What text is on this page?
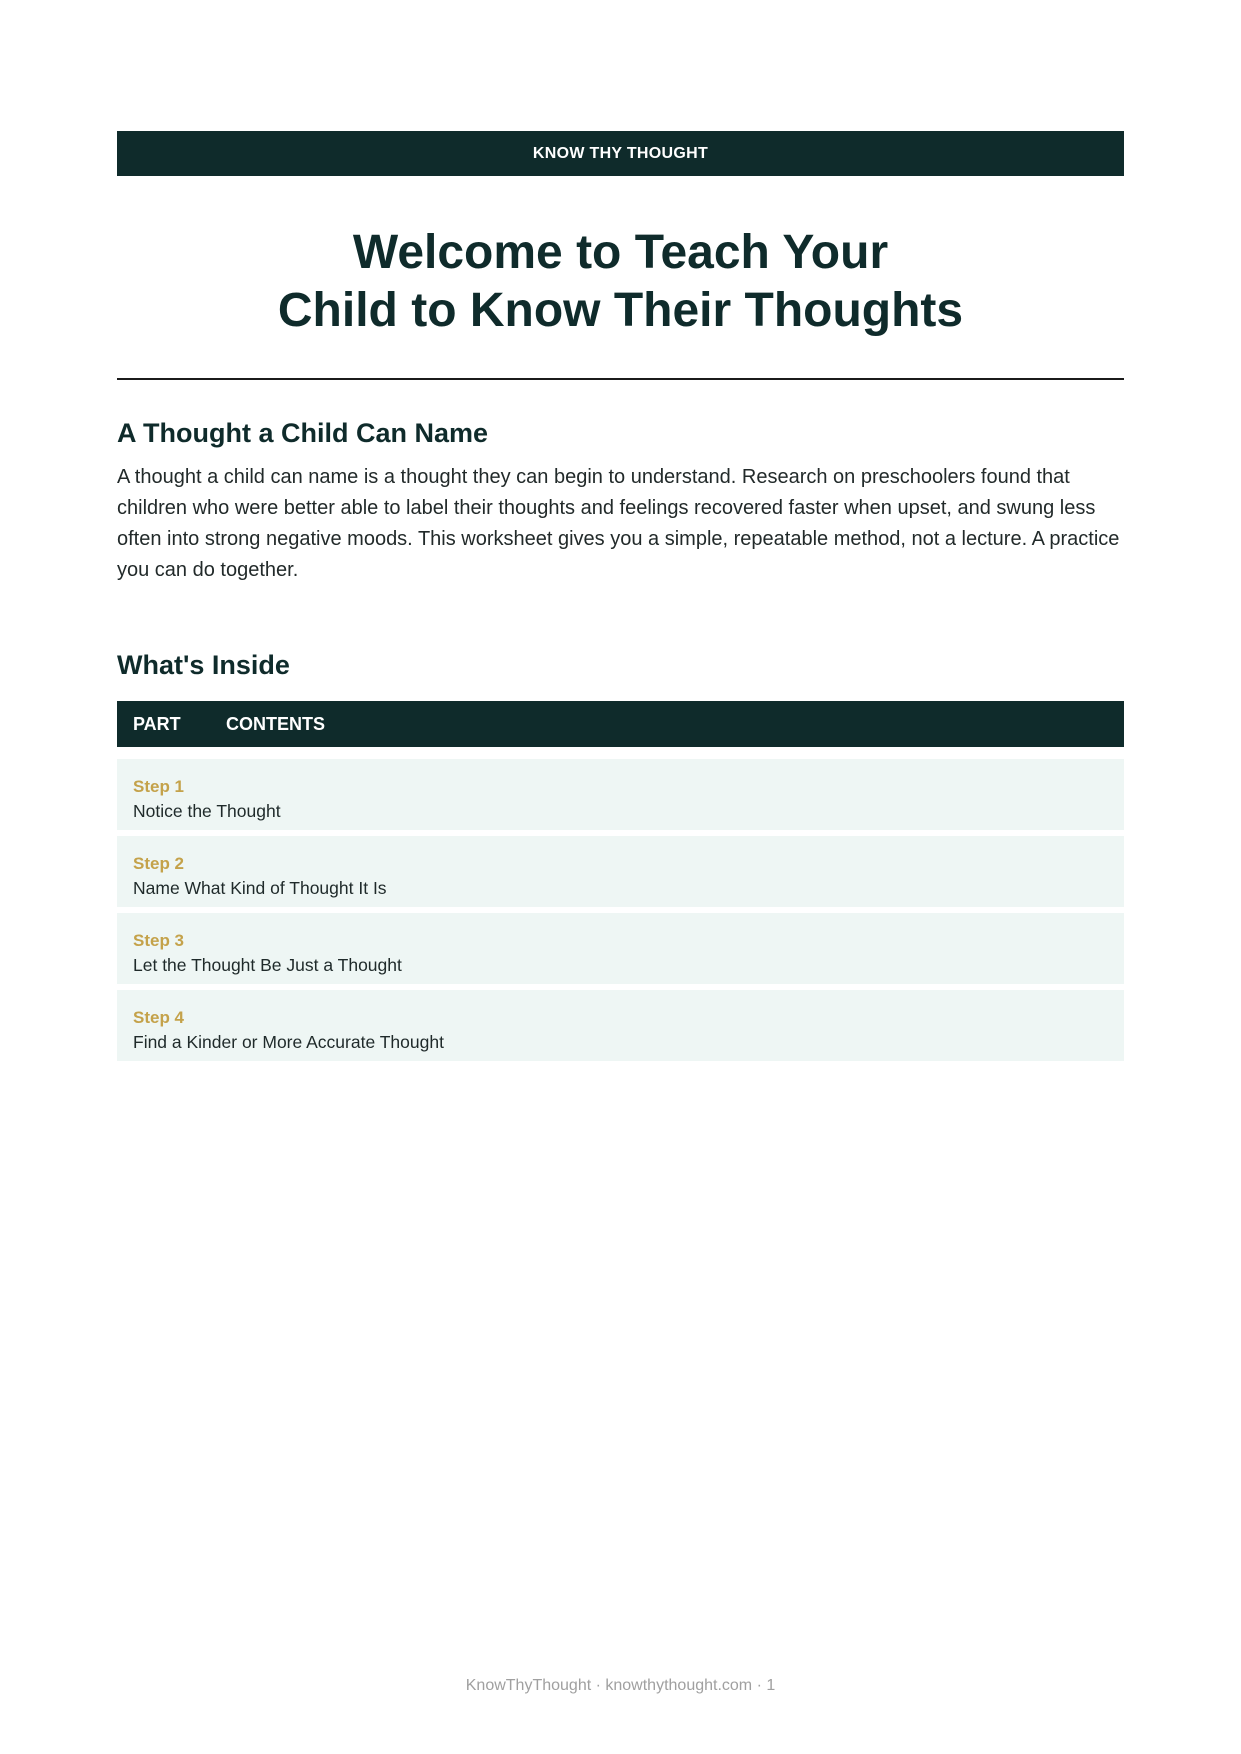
KNOW THY THOUGHT
Welcome to Teach Your
Child to Know Their Thoughts
A Thought a Child Can Name

A thought a child can name is a thought they can begin to understand. Research on preschoolers found that children who were better able to label their thoughts and feelings recovered faster when upset, and swung less often into strong negative moods. This worksheet gives you a simple, repeatable method, not a lecture. A practice you can do together.

What's Inside
PART	CONTENTS
Step 1
Notice the Thought
Step 2
Name What Kind of Thought It Is
Step 3
Let the Thought Be Just a Thought
Step 4
Find a Kinder or More Accurate Thought
KnowThyThought · knowthythought.com · 1
